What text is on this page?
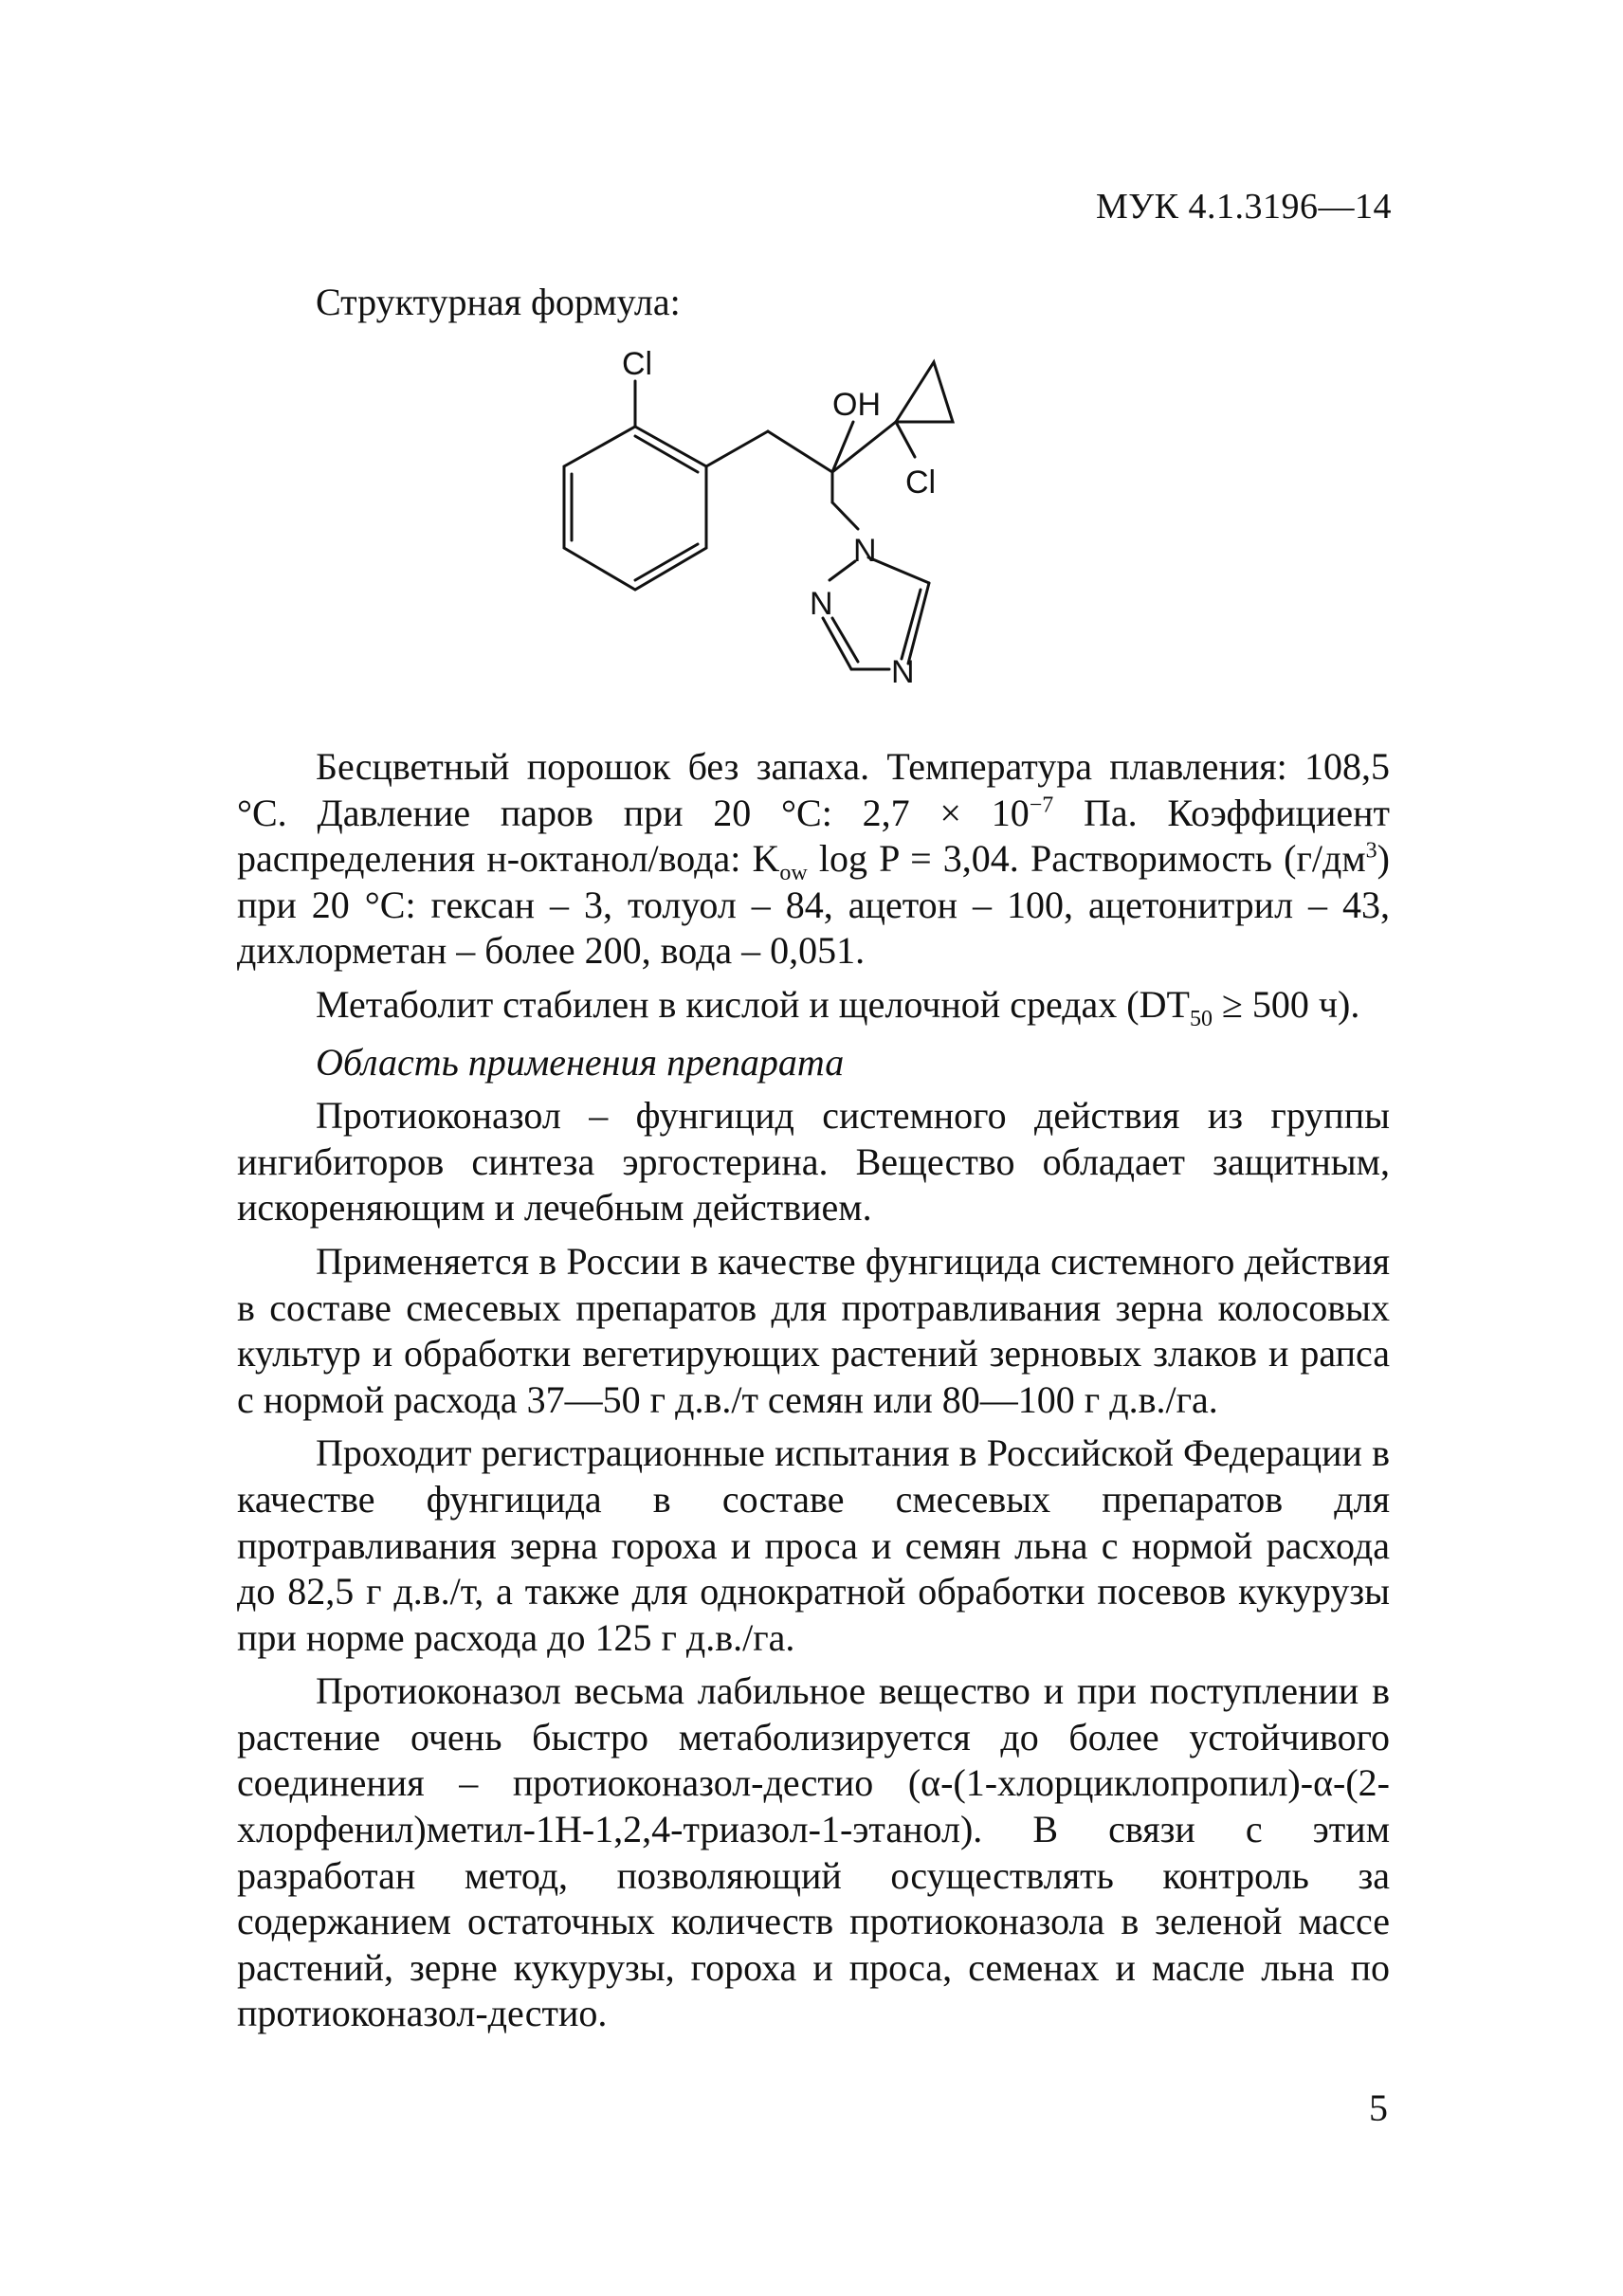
МУК 4.1.3196—14
Структурная формула:
Cl
OH
Cl
N
N
N

Бесцветный порошок без запаха. Температура плавления: 108,5 °С. Давление паров при 20 °С: $2,7 \times 10^{-7}$ Па. Коэффициент распределения н-октанол/вода: $K_{ow}$ log P = 3,04. Растворимость $(г/дм^3)$ при 20 °С: гексан – 3, толуол – 84, ацетон – 100, ацетонитрил – 43, дихлорметан – более 200, вода – 0,051.

Метаболит стабилен в кислой и щелочной средах ($DT_{50} \ge 500$ ч).

Область применения препарата

Протиоконазол – фунгицид системного действия из группы ингибиторов синтеза эргостерина. Вещество обладает защитным, искореняющим и лечебным действием.

Применяется в России в качестве фунгицида системного действия в составе смесевых препаратов для протравливания зерна колосовых культур и обработки вегетирующих растений зерновых злаков и рапса с нормой расхода 37—50 г д.в./т семян или 80—100 г д.в./га.

Проходит регистрационные испытания в Российской Федерации в качестве фунгицида в составе смесевых препаратов для протравливания зерна гороха и проса и семян льна с нормой расхода до 82,5 г д.в./т, а также для однократной обработки посевов кукурузы при норме расхода до 125 г д.в./га.

Протиоконазол весьма лабильное вещество и при поступлении в растение очень быстро метаболизируется до более устойчивого соединения – протиоконазол-дестио (α-(1-хлорциклопропил)-α-(2-хлорфенил)метил-1Н-1,2,4-триазол-1-этанол). В связи с этим разработан метод, позволяющий осуществлять контроль за содержанием остаточных количеств протиоконазола в зеленой массе растений, зерне кукурузы, гороха и проса, семенах и масле льна по протиоконазол-дестио.

5
